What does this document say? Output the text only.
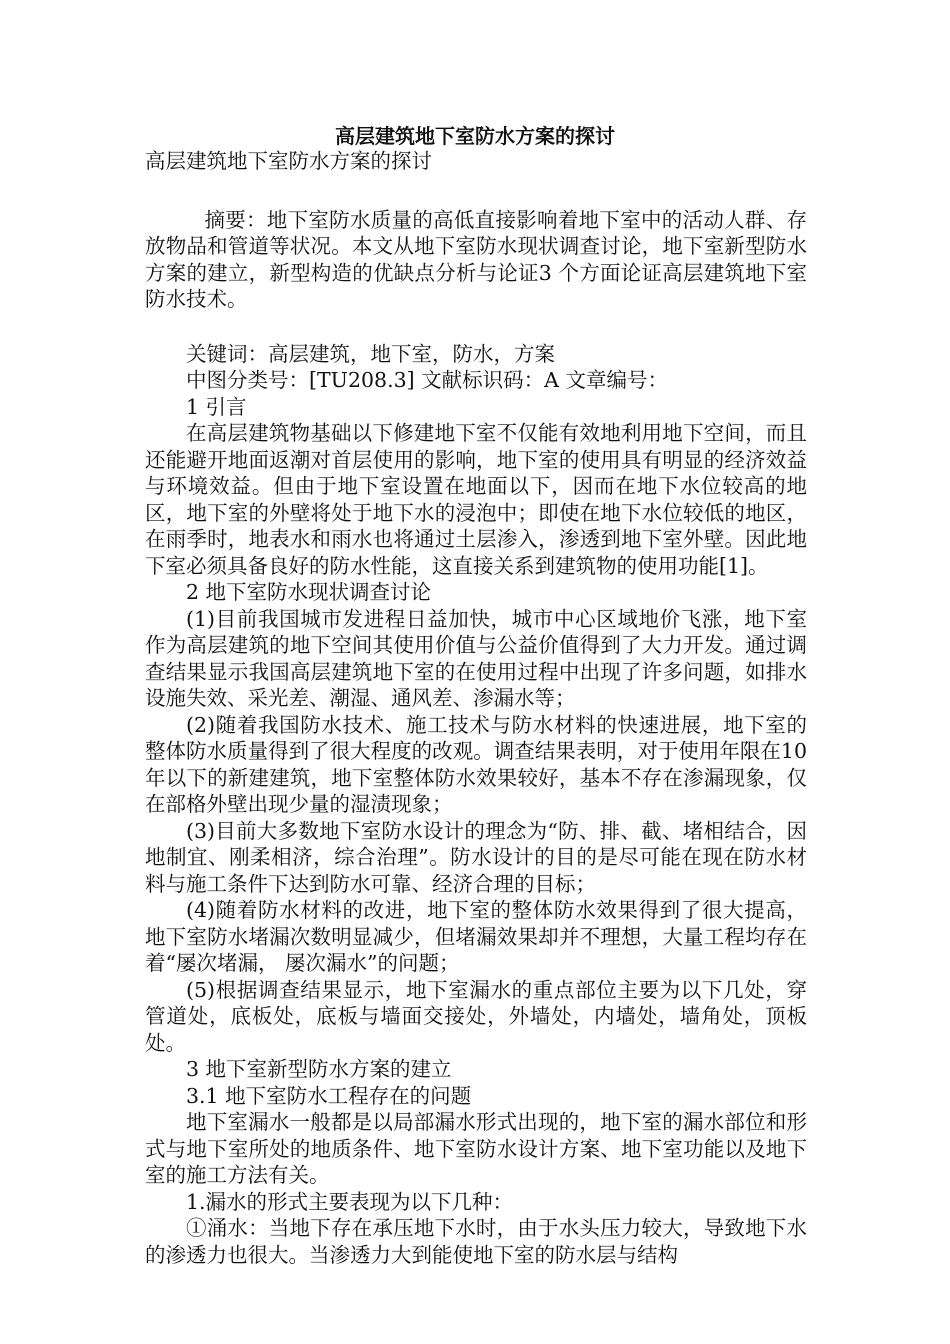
高层建筑地下室防水方案的探讨

高层建筑地下室防水方案的探讨

摘要：地下室防水质量的高低直接影响着地下室中的活动人群、存放物品和管道等状况。本文从地下室防水现状调查讨论，地下室新型防水方案的建立，新型构造的优缺点分析与论证3 个方面论证高层建筑地下室防水技术。

关键词：高层建筑，地下室，防水，方案

中图分类号：[TU208.3] 文献标识码：A 文章编号：

1 引言

在高层建筑物基础以下修建地下室不仅能有效地利用地下空间，而且还能避开地面返潮对首层使用的影响，地下室的使用具有明显的经济效益与环境效益。但由于地下室设置在地面以下，因而在地下水位较高的地区，地下室的外壁将处于地下水的浸泡中；即使在地下水位较低的地区，在雨季时，地表水和雨水也将通过土层渗入，渗透到地下室外壁。因此地下室必须具备良好的防水性能，这直接关系到建筑物的使用功能[1]。

2 地下室防水现状调查讨论

(1)目前我国城市发进程日益加快，城市中心区域地价飞涨，地下室作为高层建筑的地下空间其使用价值与公益价值得到了大力开发。通过调查结果显示我国高层建筑地下室的在使用过程中出现了许多问题，如排水设施失效、采光差、潮湿、通风差、渗漏水等；

(2)随着我国防水技术、施工技术与防水材料的快速进展，地下室的整体防水质量得到了很大程度的改观。调查结果表明，对于使用年限在10 年以下的新建建筑，地下室整体防水效果较好，基本不存在渗漏现象，仅在部格外壁出现少量的湿渍现象；

(3)目前大多数地下室防水设计的理念为“防、排、截、堵相结合，因地制宜、刚柔相济，综合治理”。防水设计的目的是尽可能在现在防水材料与施工条件下达到防水可靠、经济合理的目标；

(4)随着防水材料的改进，地下室的整体防水效果得到了很大提高，地下室防水堵漏次数明显减少，但堵漏效果却并不理想，大量工程均存在着“屡次堵漏， 屡次漏水”的问题；

(5)根据调查结果显示，地下室漏水的重点部位主要为以下几处，穿管道处，底板处，底板与墙面交接处，外墙处，内墙处，墙角处，顶板处。

3 地下室新型防水方案的建立

3.1 地下室防水工程存在的问题

地下室漏水一般都是以局部漏水形式出现的，地下室的漏水部位和形式与地下室所处的地质条件、地下室防水设计方案、地下室功能以及地下室的施工方法有关。

1.漏水的形式主要表现为以下几种：

①涌水：当地下存在承压地下水时，由于水头压力较大，导致地下水的渗透力也很大。当渗透力大到能使地下室的防水层与结构
